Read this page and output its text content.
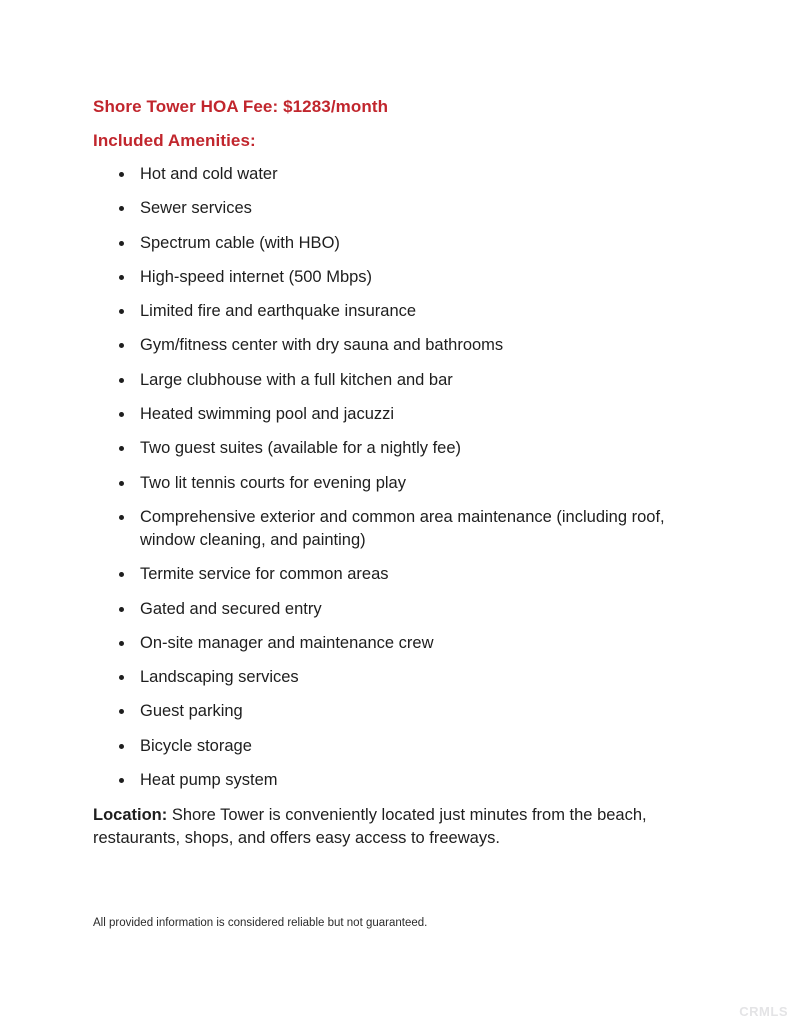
Shore Tower HOA Fee: $1283/month

Included Amenities:

Hot and cold water
Sewer services
Spectrum cable (with HBO)
High-speed internet (500 Mbps)
Limited fire and earthquake insurance
Gym/fitness center with dry sauna and bathrooms
Large clubhouse with a full kitchen and bar
Heated swimming pool and jacuzzi
Two guest suites (available for a nightly fee)
Two lit tennis courts for evening play
Comprehensive exterior and common area maintenance (including roof, window cleaning, and painting)
Termite service for common areas
Gated and secured entry
On-site manager and maintenance crew
Landscaping services
Guest parking
Bicycle storage
Heat pump system

Location: Shore Tower is conveniently located just minutes from the beach, restaurants, shops, and offers easy access to freeways.

All provided information is considered reliable but not guaranteed.
CRMLS
